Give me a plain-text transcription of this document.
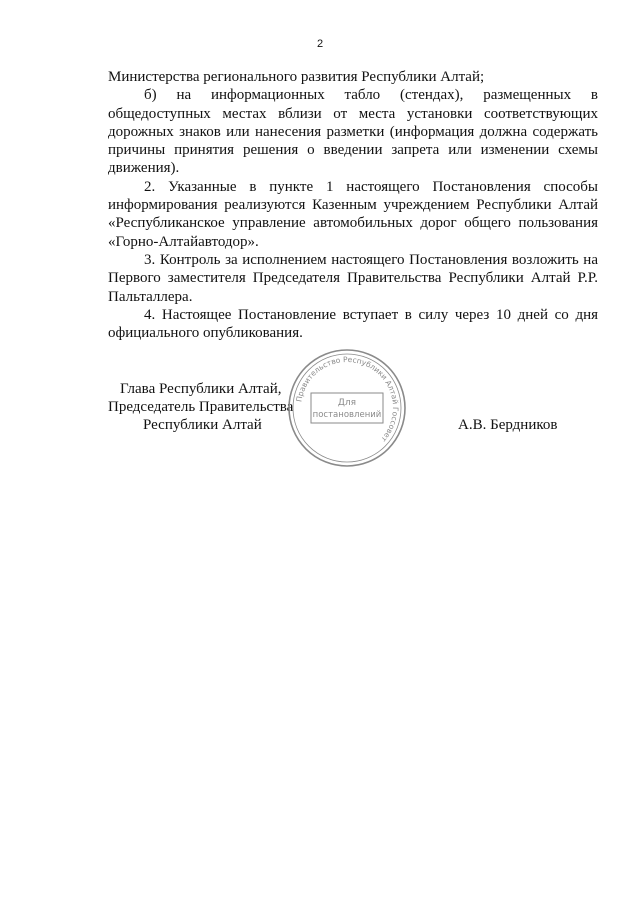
2

Министерства регионального развития Республики Алтай;

б) на информационных табло (стендах), размещенных в общедоступных местах вблизи от места установки соответствующих дорожных знаков или нанесения разметки (информация должна содержать причины принятия решения о введении запрета или изменении схемы движения).

2. Указанные в пункте 1 настоящего Постановления способы информирования реализуются Казенным учреждением Республики Алтай «Республиканское управление автомобильных дорог общего пользования «Горно-Алтайавтодор».

3. Контроль за исполнением настоящего Постановления возложить на Первого заместителя Председателя Правительства Республики Алтай Р.Р. Пальталлера.

4. Настоящее Постановление вступает в силу через 10 дней со дня официального опубликования.

Глава Республики Алтай,
Председатель Правительства
Республики Алтай	А.В. Бердников
Правительство Республики Алтай Госсовет
Для
постановлений
